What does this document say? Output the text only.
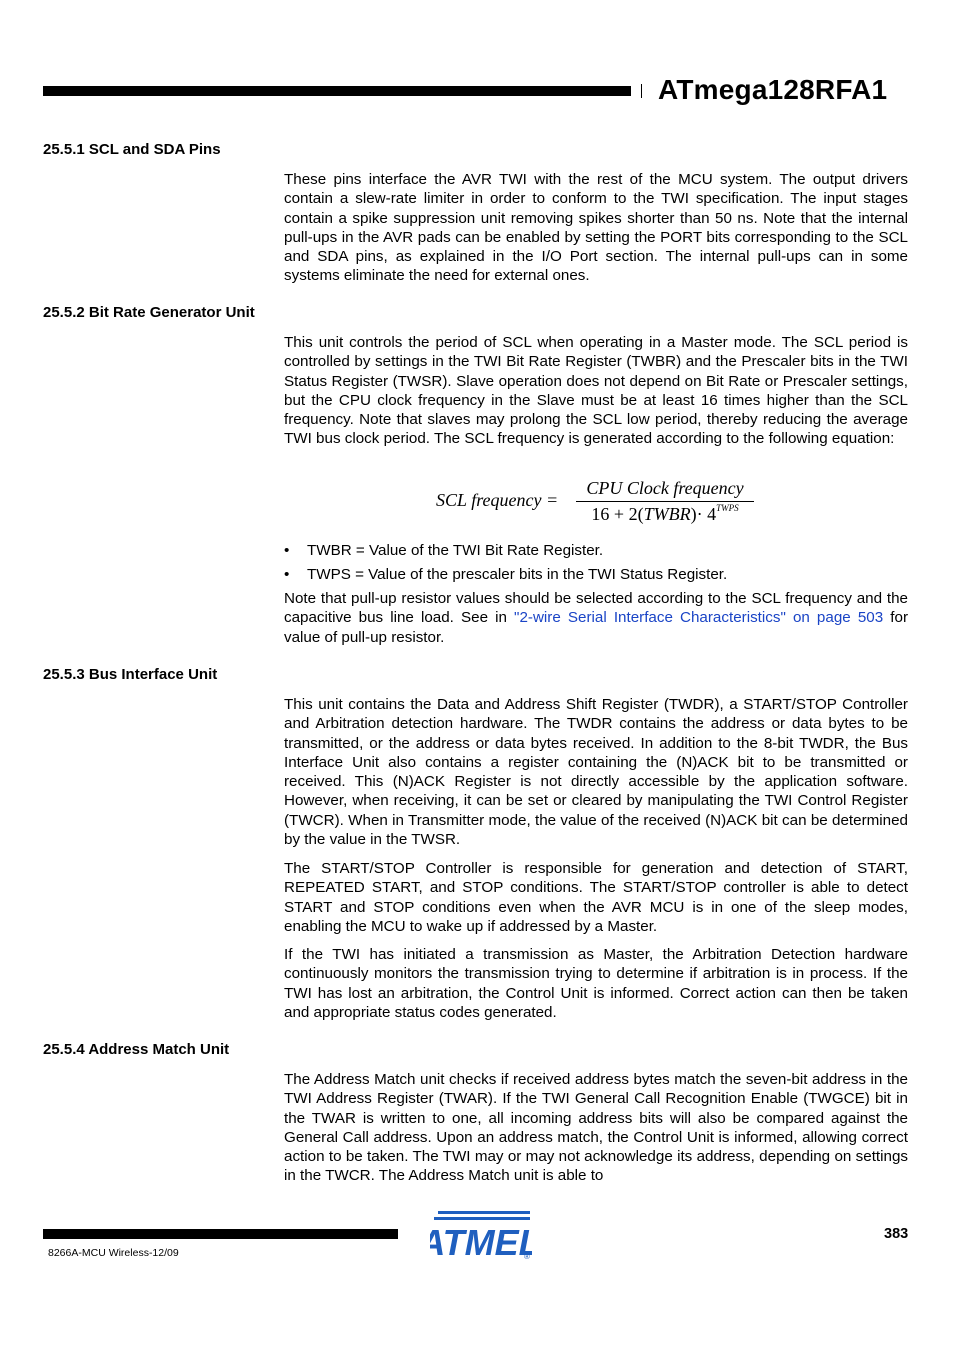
ATmega128RFA1
25.5.1 SCL and SDA Pins

These pins interface the AVR TWI with the rest of the MCU system. The output drivers contain a slew-rate limiter in order to conform to the TWI specification. The input stages contain a spike suppression unit removing spikes shorter than 50 ns. Note that the internal pull-ups in the AVR pads can be enabled by setting the PORT bits corresponding to the SCL and SDA pins, as explained in the I/O Port section. The internal pull-ups can in some systems eliminate the need for external ones.

25.5.2 Bit Rate Generator Unit

This unit controls the period of SCL when operating in a Master mode. The SCL period is controlled by settings in the TWI Bit Rate Register (TWBR) and the Prescaler bits in the TWI Status Register (TWSR). Slave operation does not depend on Bit Rate or Prescaler settings, but the CPU clock frequency in the Slave must be at least 16 times higher than the SCL frequency. Note that slaves may prolong the SCL low period, thereby reducing the average TWI bus clock period. The SCL frequency is generated according to the following equation:

SCL frequency =
CPU Clock frequency
16 + 2(TWBR)· $4^{TWPS}$
• TWBR = Value of the TWI Bit Rate Register.
• TWPS = Value of the prescaler bits in the TWI Status Register.

Note that pull-up resistor values should be selected according to the SCL frequency and the capacitive bus line load. See in "2-wire Serial Interface Characteristics" on page 503 for value of pull-up resistor.

25.5.3 Bus Interface Unit

This unit contains the Data and Address Shift Register (TWDR), a START/STOP Controller and Arbitration detection hardware. The TWDR contains the address or data bytes to be transmitted, or the address or data bytes received. In addition to the 8-bit TWDR, the Bus Interface Unit also contains a register containing the (N)ACK bit to be transmitted or received. This (N)ACK Register is not directly accessible by the application software. However, when receiving, it can be set or cleared by manipulating the TWI Control Register (TWCR). When in Transmitter mode, the value of the received (N)ACK bit can be determined by the value in the TWSR.

The START/STOP Controller is responsible for generation and detection of START, REPEATED START, and STOP conditions. The START/STOP controller is able to detect START and STOP conditions even when the AVR MCU is in one of the sleep modes, enabling the MCU to wake up if addressed by a Master.

If the TWI has initiated a transmission as Master, the Arbitration Detection hardware continuously monitors the transmission trying to determine if arbitration is in process. If the TWI has lost an arbitration, the Control Unit is informed. Correct action can then be taken and appropriate status codes generated.

25.5.4 Address Match Unit

The Address Match unit checks if received address bytes match the seven-bit address in the TWI Address Register (TWAR). If the TWI General Call Recognition Enable (TWGCE) bit in the TWAR is written to one, all incoming address bits will also be compared against the General Call address. Upon an address match, the Control Unit is informed, allowing correct action to be taken. The TWI may or may not acknowledge its address, depending on settings in the TWCR. The Address Match unit is able to

TME ®
383
8266A-MCU Wireless-12/09
